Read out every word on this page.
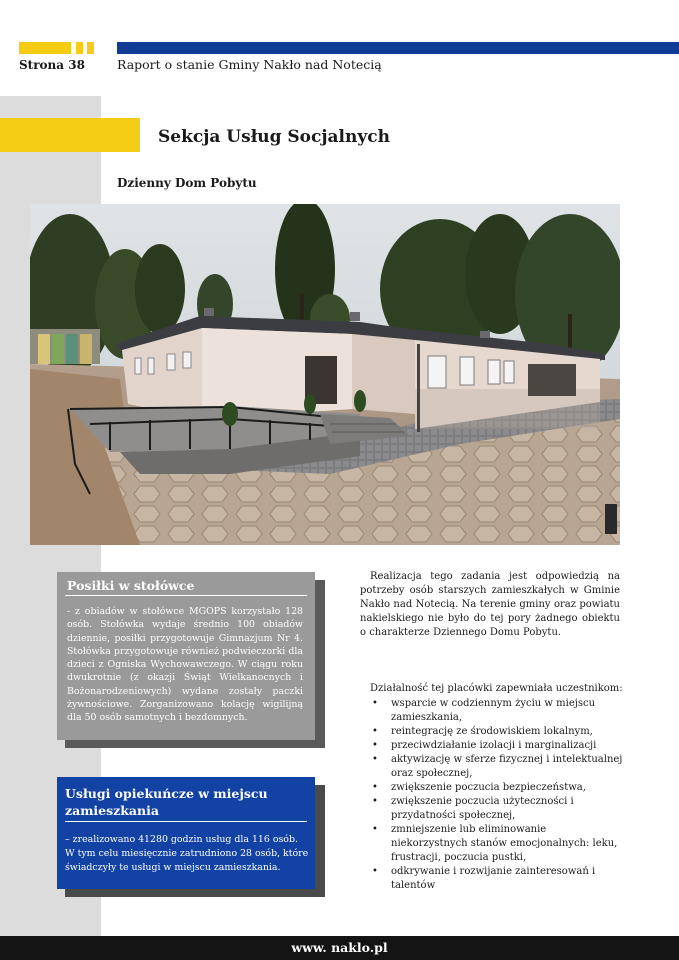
Strona 38	Raport o stanie Gminy Nakło nad Notecią
Sekcja Usług Socjalnych
Dzienny Dom Pobytu
Posiłki w stołówce
- z obiadów w stołówce MGOPS korzystało 128 osób. Stołówka wydaje średnio 100 obiadów dziennie, posiłki przygotowuje Gimnazjum Nr 4. Stołówka przygotowuje również podwieczorki dla dzieci z Ogniska Wychowawczego. W ciągu roku dwukrotnie (z okazji Świąt Wielkanocnych i Bożonarodzeniowych) wydane zostały paczki żywnościowe. Zorganizowano kolację wigilijną dla 50 osób samotnych i bezdomnych.
Usługi opiekuńcze w miejscu zamieszkania
– zrealizowano 41280 godzin usług dla 116 osób. W tym celu miesięcznie zatrudniono 28 osób, które świadczyły te usługi w miejscu zamieszkania.
Realizacja tego zadania jest odpowiedzią na potrzeby osób starszych zamieszkałych w Gminie Nakło nad Notecią. Na terenie gminy oraz powiatu nakielskiego nie było do tej pory żadnego obiektu o charakterze Dziennego Domu Pobytu.
Działalność tej placówki zapewniała uczestnikom:
• wsparcie w codziennym życiu w miejscu zamieszkania,
• reintegrację ze środowiskiem lokalnym,
• przeciwdziałanie izolacji i marginalizacji
• aktywizację w sferze fizycznej i intelektualnej oraz społecznej,
• zwiększenie poczucia bezpieczeństwa,
• zwiększenie poczucia użyteczności i przydatności społecznej,
• zmniejszenie lub eliminowanie niekorzystnych stanów emocjonalnych: leku, frustracji, poczucia pustki,
• odkrywanie i rozwijanie zainteresowań i talentów
www. naklo.pl
